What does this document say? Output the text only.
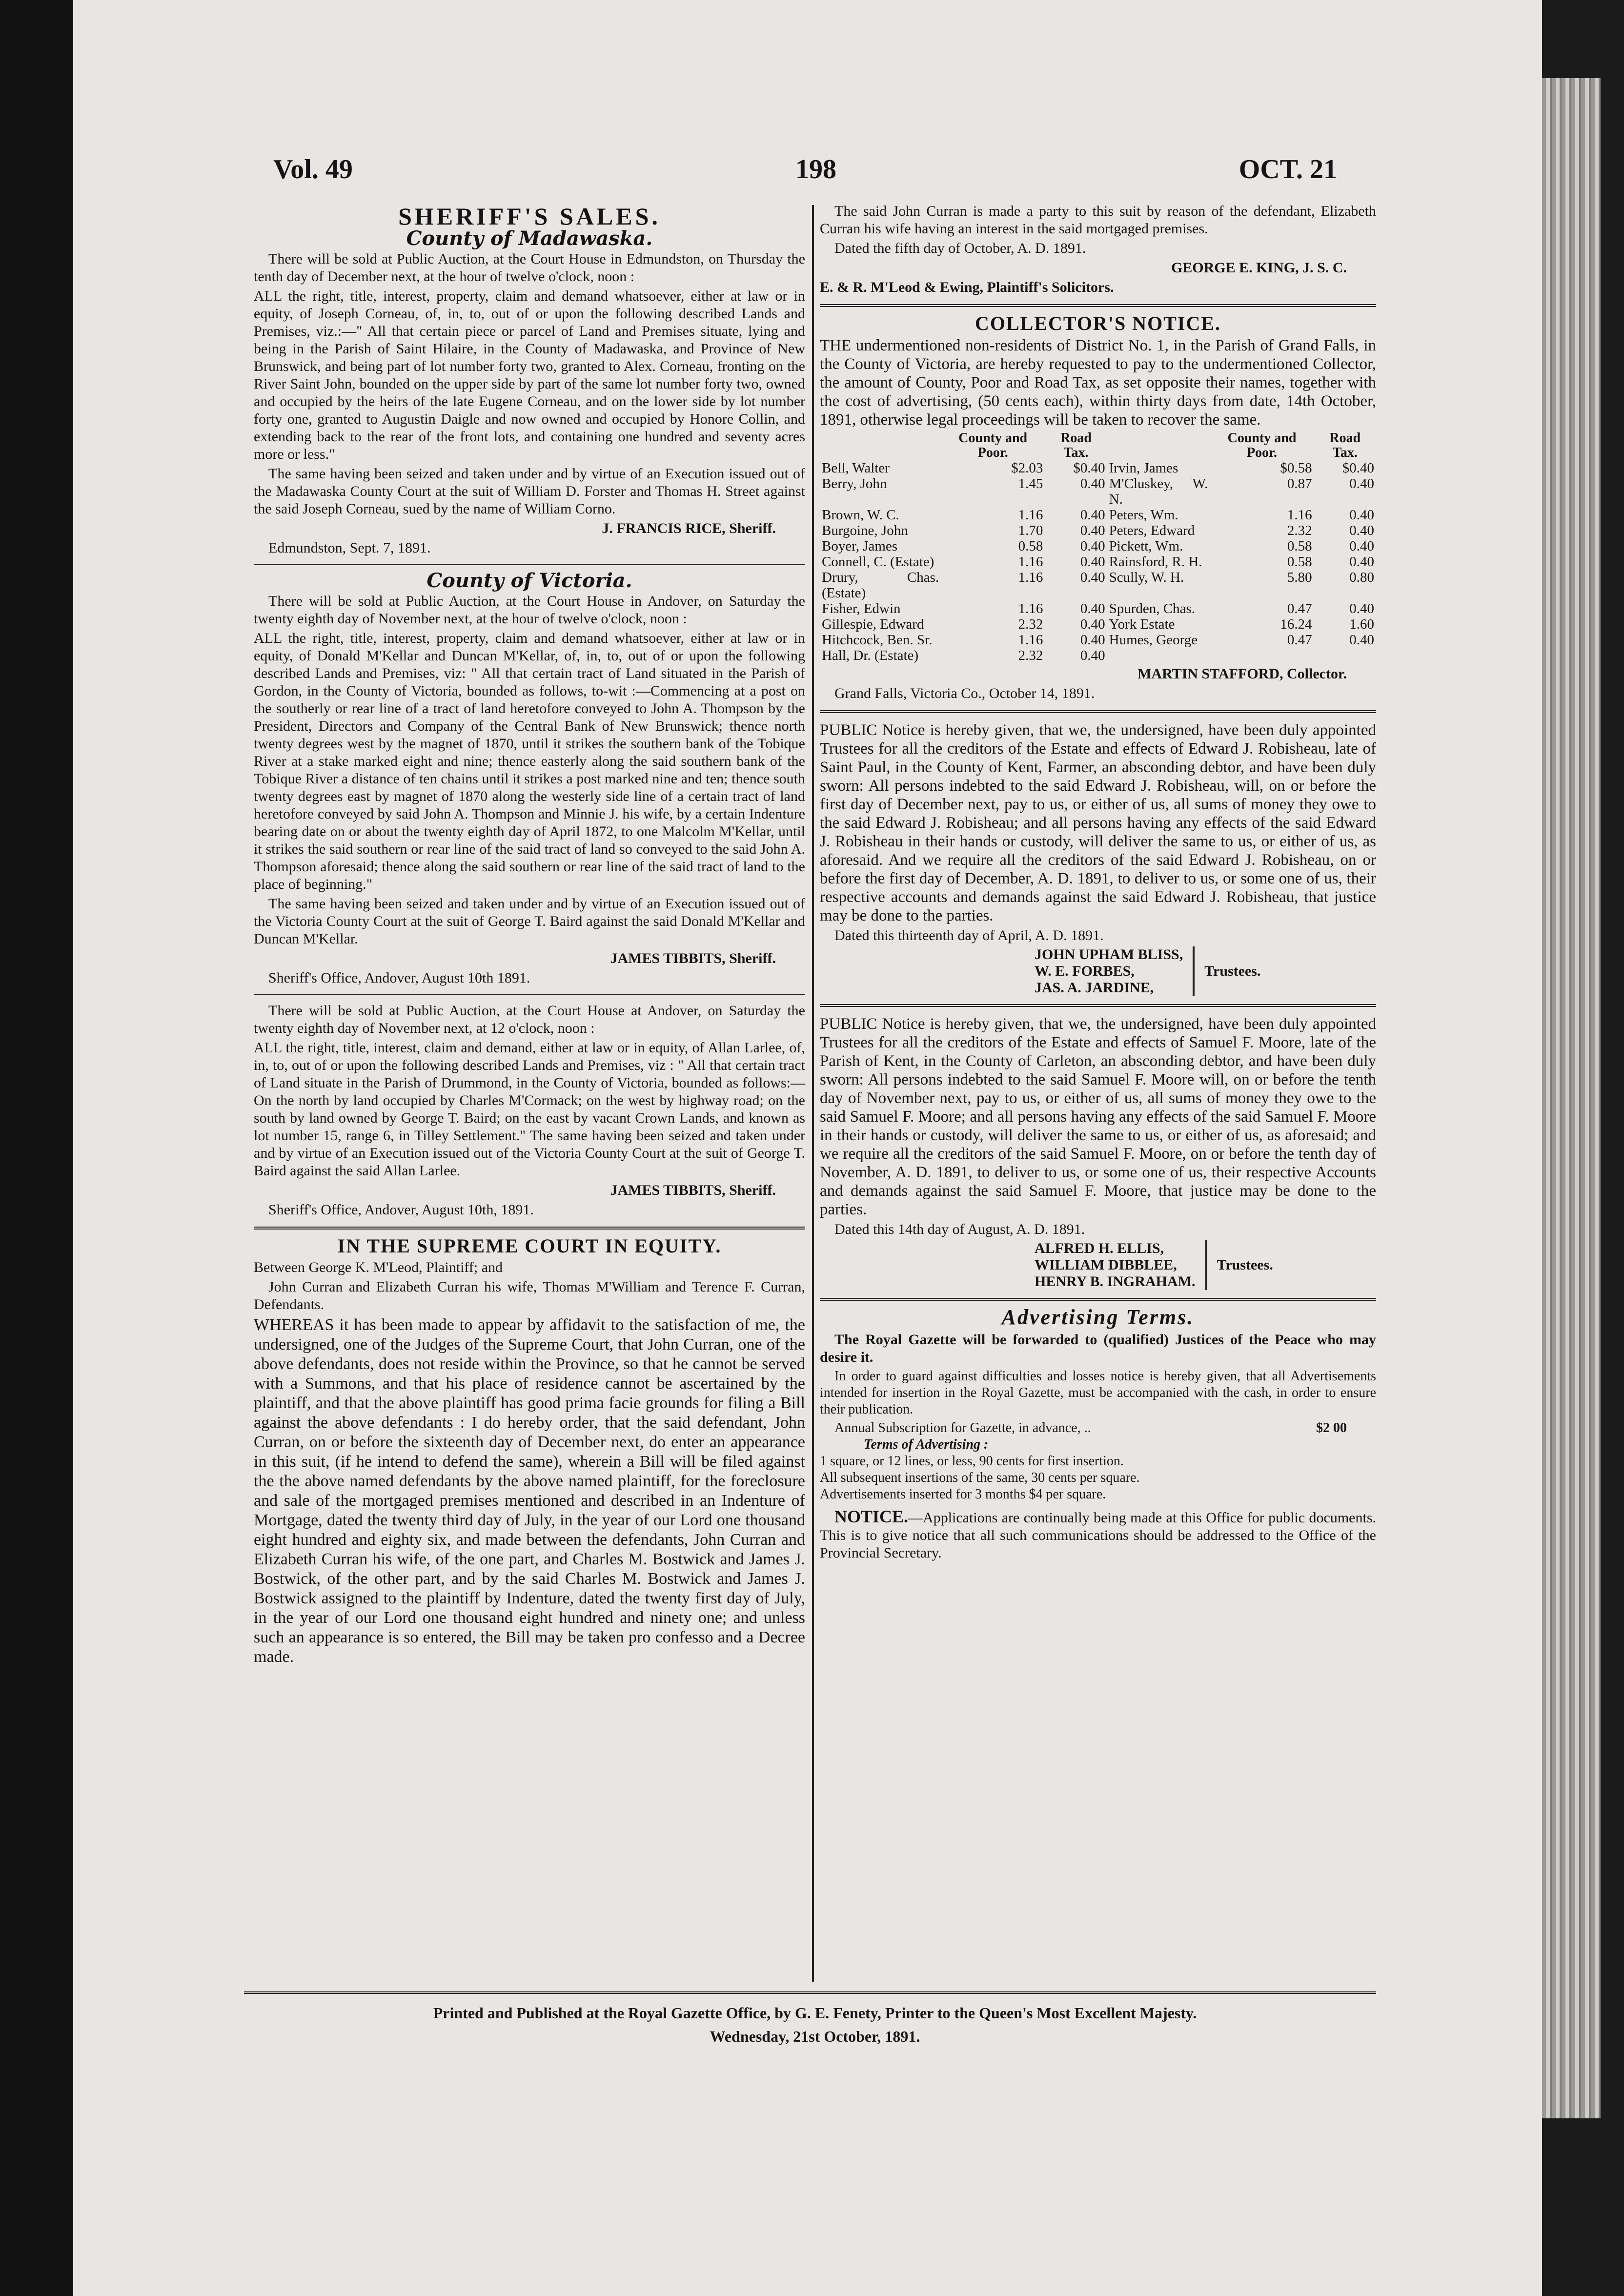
Vol. 49	198	OCT. 21
SHERIFF'S SALES.
County of Madawaska.

There will be sold at Public Auction, at the Court House in Edmundston, on Thursday the tenth day of December next, at the hour of twelve o'clock, noon :

ALL the right, title, interest, property, claim and demand whatsoever, either at law or in equity, of Joseph Corneau, of, in, to, out of or upon the following described Lands and Premises, viz.:—" All that certain piece or parcel of Land and Premises situate, lying and being in the Parish of Saint Hilaire, in the County of Madawaska, and Province of New Brunswick, and being part of lot number forty two, granted to Alex. Corneau, fronting on the River Saint John, bounded on the upper side by part of the same lot number forty two, owned and occupied by the heirs of the late Eugene Corneau, and on the lower side by lot number forty one, granted to Augustin Daigle and now owned and occupied by Honore Collin, and extending back to the rear of the front lots, and containing one hundred and seventy acres more or less."

The same having been seized and taken under and by virtue of an Execution issued out of the Madawaska County Court at the suit of William D. Forster and Thomas H. Street against the said Joseph Corneau, sued by the name of William Corno.

J. FRANCIS RICE, Sheriff.
Edmundston, Sept. 7, 1891.
County of Victoria.

There will be sold at Public Auction, at the Court House in Andover, on Saturday the twenty eighth day of November next, at the hour of twelve o'clock, noon :

ALL the right, title, interest, property, claim and demand whatsoever, either at law or in equity, of Donald M'Kellar and Duncan M'Kellar, of, in, to, out of or upon the following described Lands and Premises, viz: " All that certain tract of Land situated in the Parish of Gordon, in the County of Victoria, bounded as follows, to-wit :—Commencing at a post on the southerly or rear line of a tract of land heretofore conveyed to John A. Thompson by the President, Directors and Company of the Central Bank of New Brunswick; thence north twenty degrees west by the magnet of 1870, until it strikes the southern bank of the Tobique River at a stake marked eight and nine; thence easterly along the said southern bank of the Tobique River a distance of ten chains until it strikes a post marked nine and ten; thence south twenty degrees east by magnet of 1870 along the westerly side line of a certain tract of land heretofore conveyed by said John A. Thompson and Minnie J. his wife, by a certain Indenture bearing date on or about the twenty eighth day of April 1872, to one Malcolm M'Kellar, until it strikes the said southern or rear line of the said tract of land so conveyed to the said John A. Thompson aforesaid; thence along the said southern or rear line of the said tract of land to the place of beginning."

The same having been seized and taken under and by virtue of an Execution issued out of the Victoria County Court at the suit of George T. Baird against the said Donald M'Kellar and Duncan M'Kellar.

JAMES TIBBITS, Sheriff.
Sheriff's Office, Andover, August 10th 1891.

There will be sold at Public Auction, at the Court House at Andover, on Saturday the twenty eighth day of November next, at 12 o'clock, noon :

ALL the right, title, interest, claim and demand, either at law or in equity, of Allan Larlee, of, in, to, out of or upon the following described Lands and Premises, viz : " All that certain tract of Land situate in the Parish of Drummond, in the County of Victoria, bounded as follows:—On the north by land occupied by Charles M'Cormack; on the west by highway road; on the south by land owned by George T. Baird; on the east by vacant Crown Lands, and known as lot number 15, range 6, in Tilley Settlement." The same having been seized and taken under and by virtue of an Execution issued out of the Victoria County Court at the suit of George T. Baird against the said Allan Larlee.

JAMES TIBBITS, Sheriff.
Sheriff's Office, Andover, August 10th, 1891.
IN THE SUPREME COURT IN EQUITY.

Between George K. M'Leod, Plaintiff; and

John Curran and Elizabeth Curran his wife, Thomas M'William and Terence F. Curran, Defendants.

WHEREAS it has been made to appear by affidavit to the satisfaction of me, the undersigned, one of the Judges of the Supreme Court, that John Curran, one of the above defendants, does not reside within the Province, so that he cannot be served with a Summons, and that his place of residence cannot be ascertained by the plaintiff, and that the above plaintiff has good prima facie grounds for filing a Bill against the above defendants : I do hereby order, that the said defendant, John Curran, on or before the sixteenth day of December next, do enter an appearance in this suit, (if he intend to defend the same), wherein a Bill will be filed against the the above named defendants by the above named plaintiff, for the foreclosure and sale of the mortgaged premises mentioned and described in an Indenture of Mortgage, dated the twenty third day of July, in the year of our Lord one thousand eight hundred and eighty six, and made between the defendants, John Curran and Elizabeth Curran his wife, of the one part, and Charles M. Bostwick and James J. Bostwick, of the other part, and by the said Charles M. Bostwick and James J. Bostwick assigned to the plaintiff by Indenture, dated the twenty first day of July, in the year of our Lord one thousand eight hundred and ninety one; and unless such an appearance is so entered, the Bill may be taken pro confesso and a Decree made.

The said John Curran is made a party to this suit by reason of the defendant, Elizabeth Curran his wife having an interest in the said mortgaged premises.

Dated the fifth day of October, A. D. 1891.

GEORGE E. KING, J. S. C.
E. & R. M'Leod & Ewing, Plaintiff's Solicitors.
COLLECTOR'S NOTICE.

THE undermentioned non-residents of District No. 1, in the Parish of Grand Falls, in the County of Victoria, are hereby requested to pay to the undermentioned Collector, the amount of County, Poor and Road Tax, as set opposite their names, together with the cost of advertising, (50 cents each), within thirty days from date, 14th October, 1891, otherwise legal proceedings will be taken to recover the same.

	County and Poor.	Road Tax.		County and Poor.	Road Tax.
Bell, Walter	$2.03	$0.40	Irvin, James	$0.58	$0.40
Berry, John	1.45	0.40	M'Cluskey, W. N.	0.87	0.40
Brown, W. C.	1.16	0.40	Peters, Wm.	1.16	0.40
Burgoine, John	1.70	0.40	Peters, Edward	2.32	0.40
Boyer, James	0.58	0.40	Pickett, Wm.	0.58	0.40
Connell, C. (Estate)	1.16	0.40	Rainsford, R. H.	0.58	0.40
Drury, Chas. (Estate)	1.16	0.40	Scully, W. H.	5.80	0.80
Fisher, Edwin	1.16	0.40	Spurden, Chas.	0.47	0.40
Gillespie, Edward	2.32	0.40	York Estate	16.24	1.60
Hitchcock, Ben. Sr.	1.16	0.40	Humes, George	0.47	0.40
Hall, Dr. (Estate)	2.32	0.40			
MARTIN STAFFORD, Collector.
Grand Falls, Victoria Co., October 14, 1891.

PUBLIC Notice is hereby given, that we, the undersigned, have been duly appointed Trustees for all the creditors of the Estate and effects of Edward J. Robisheau, late of Saint Paul, in the County of Kent, Farmer, an absconding debtor, and have been duly sworn: All persons indebted to the said Edward J. Robisheau, will, on or before the first day of December next, pay to us, or either of us, all sums of money they owe to the said Edward J. Robisheau; and all persons having any effects of the said Edward J. Robisheau in their hands or custody, will deliver the same to us, or either of us, as aforesaid. And we require all the creditors of the said Edward J. Robisheau, on or before the first day of December, A. D. 1891, to deliver to us, or some one of us, their respective accounts and demands against the said Edward J. Robisheau, that justice may be done to the parties.

Dated this thirteenth day of April, A. D. 1891.

JOHN UPHAM BLISS,
W. E. FORBES,
JAS. A. JARDINE,
Trustees.

PUBLIC Notice is hereby given, that we, the undersigned, have been duly appointed Trustees for all the creditors of the Estate and effects of Samuel F. Moore, late of the Parish of Kent, in the County of Carleton, an absconding debtor, and have been duly sworn: All persons indebted to the said Samuel F. Moore will, on or before the tenth day of November next, pay to us, or either of us, all sums of money they owe to the said Samuel F. Moore; and all persons having any effects of the said Samuel F. Moore in their hands or custody, will deliver the same to us, or either of us, as aforesaid; and we require all the creditors of the said Samuel F. Moore, on or before the tenth day of November, A. D. 1891, to deliver to us, or some one of us, their respective Accounts and demands against the said Samuel F. Moore, that justice may be done to the parties.

Dated this 14th day of August, A. D. 1891.

ALFRED H. ELLIS,
WILLIAM DIBBLEE,
HENRY B. INGRAHAM.
Trustees.
Advertising Terms.

The Royal Gazette will be forwarded to (qualified) Justices of the Peace who may desire it.

In order to guard against difficulties and losses notice is hereby given, that all Advertisements intended for insertion in the Royal Gazette, must be accompanied with the cash, in order to ensure their publication.

Annual Subscription for Gazette, in advance, ..	$2 00
Terms of Advertising :
1 square, or 12 lines, or less, 90 cents for first insertion.
All subsequent insertions of the same, 30 cents per square.
Advertisements inserted for 3 months $4 per square.

NOTICE.—Applications are continually being made at this Office for public documents. This is to give notice that all such communications should be addressed to the Office of the Provincial Secretary.

Printed and Published at the Royal Gazette Office, by G. E. Fenety, Printer to the Queen's Most Excellent Majesty.
Wednesday, 21st October, 1891.
